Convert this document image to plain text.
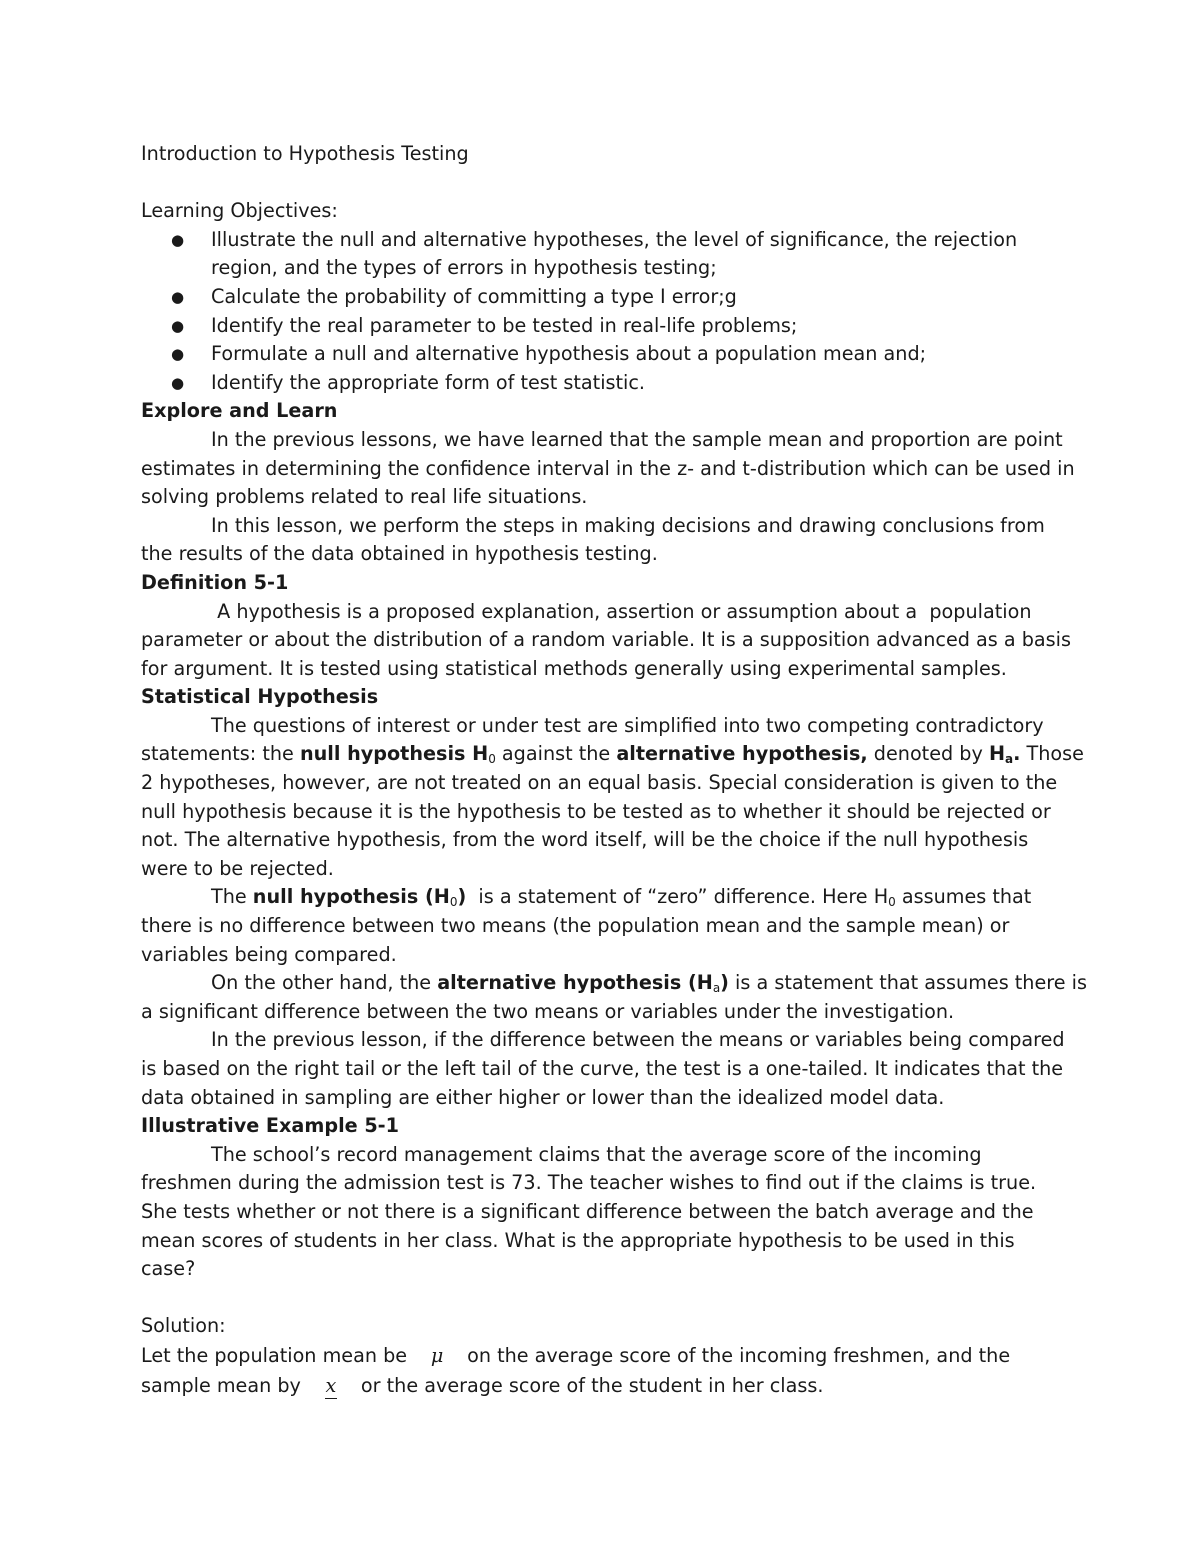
Introduction to Hypothesis Testing
Learning Objectives:
● Illustrate the null and alternative hypotheses, the level of significance, the rejection
region, and the types of errors in hypothesis testing;
● Calculate the probability of committing a type I error;g
● Identify the real parameter to be tested in real-life problems;
● Formulate a null and alternative hypothesis about a population mean and;
● Identify the appropriate form of test statistic.
Explore and Learn
In the previous lessons, we have learned that the sample mean and proportion are point
estimates in determining the confidence interval in the z- and t-distribution which can be used in
solving problems related to real life situations.
In this lesson, we perform the steps in making decisions and drawing conclusions from
the results of the data obtained in hypothesis testing.
Definition 5-1
A hypothesis is a proposed explanation, assertion or assumption about a  population
parameter or about the distribution of a random variable. It is a supposition advanced as a basis
for argument. It is tested using statistical methods generally using experimental samples.
Statistical Hypothesis
The questions of interest or under test are simplified into two competing contradictory
statements: the null hypothesis $H_0$ against the alternative hypothesis, denoted by $H_a$. Those
2 hypotheses, however, are not treated on an equal basis. Special consideration is given to the
null hypothesis because it is the hypothesis to be tested as to whether it should be rejected or
not. The alternative hypothesis, from the word itself, will be the choice if the null hypothesis
were to be rejected.
The null hypothesis $(H_0)$  is a statement of “zero” difference. Here $H_0$ assumes that
there is no difference between two means (the population mean and the sample mean) or
variables being compared.
On the other hand, the alternative hypothesis $(H_a)$ is a statement that assumes there is
a significant difference between the two means or variables under the investigation.
In the previous lesson, if the difference between the means or variables being compared
is based on the right tail or the left tail of the curve, the test is a one-tailed. It indicates that the
data obtained in sampling are either higher or lower than the idealized model data.
Illustrative Example 5-1
The school’s record management claims that the average score of the incoming
freshmen during the admission test is 73. The teacher wishes to find out if the claims is true.
She tests whether or not there is a significant difference between the batch average and the
mean scores of students in her class. What is the appropriate hypothesis to be used in this
case?
Solution:
Let the population mean be μ on the average score of the incoming freshmen, and the
sample mean by x or the average score of the student in her class.
